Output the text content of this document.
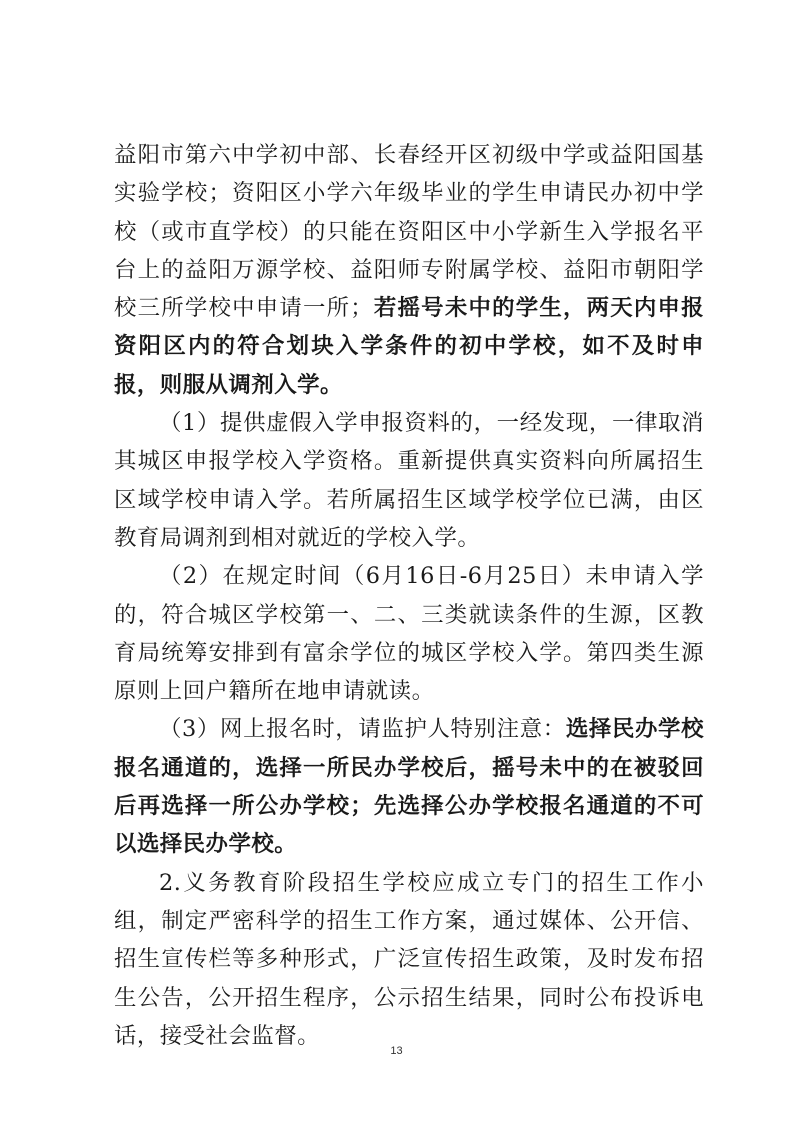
益阳市第六中学初中部、长春经开区初级中学或益阳国基实验学校；资阳区小学六年级毕业的学生申请民办初中学校（或市直学校）的只能在资阳区中小学新生入学报名平台上的益阳万源学校、益阳师专附属学校、益阳市朝阳学校三所学校中申请一所；若摇号未中的学生，两天内申报资阳区内的符合划块入学条件的初中学校，如不及时申报，则服从调剂入学。

（1）提供虚假入学申报资料的，一经发现，一律取消其城区申报学校入学资格。重新提供真实资料向所属招生区域学校申请入学。若所属招生区域学校学位已满，由区教育局调剂到相对就近的学校入学。

（2）在规定时间（6月16日-6月25日）未申请入学的，符合城区学校第一、二、三类就读条件的生源，区教育局统筹安排到有富余学位的城区学校入学。第四类生源原则上回户籍所在地申请就读。

（3）网上报名时，请监护人特别注意：选择民办学校报名通道的，选择一所民办学校后，摇号未中的在被驳回后再选择一所公办学校；先选择公办学校报名通道的不可以选择民办学校。

2.义务教育阶段招生学校应成立专门的招生工作小组，制定严密科学的招生工作方案，通过媒体、公开信、招生宣传栏等多种形式，广泛宣传招生政策，及时发布招生公告，公开招生程序，公示招生结果，同时公布投诉电话，接受社会监督。

13
